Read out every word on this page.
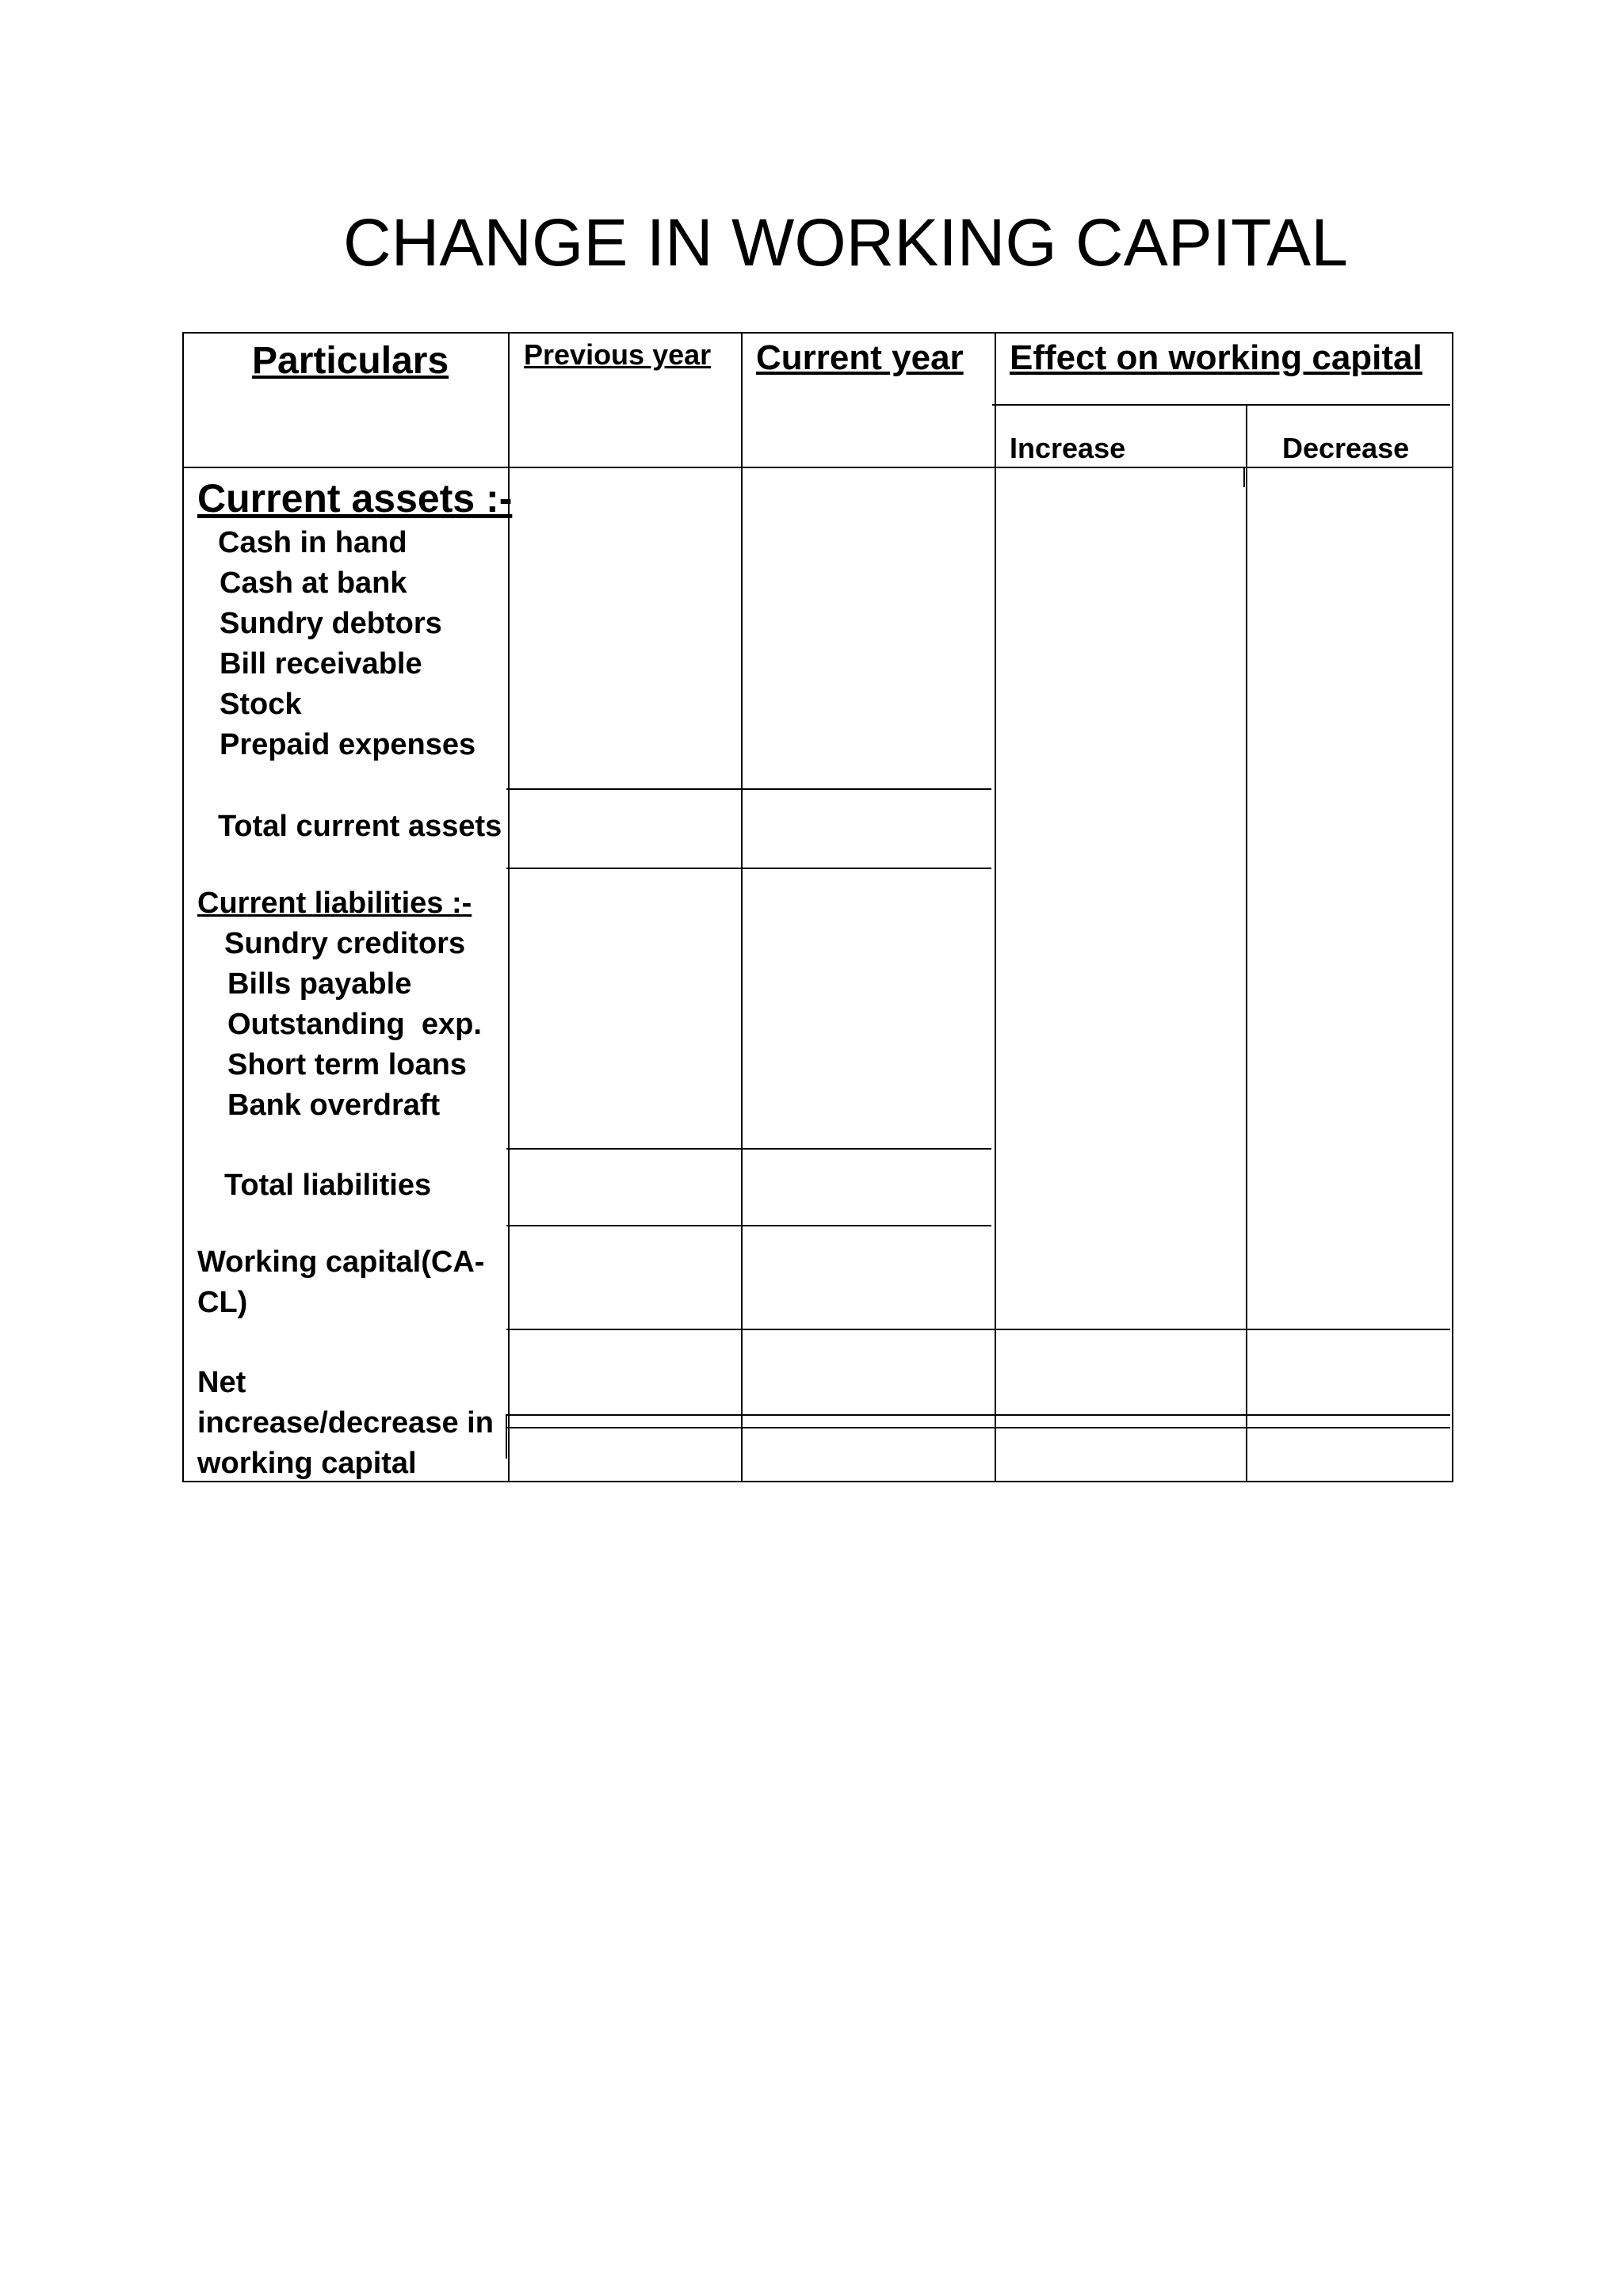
CHANGE IN WORKING CAPITAL
Particulars	Previous year Current year Effect on working capital
Increase	Decrease
Current assets :-
Cash in hand
Cash at bank
Sundry debtors
Bill receivable
Stock
Prepaid expenses
Total current assets
Current liabilities :-
Sundry creditors
Bills payable
Outstanding  exp.
Short term loans
Bank overdraft
Total liabilities
Working capital(CA-
CL)
Net
increase/decrease in
working capital
